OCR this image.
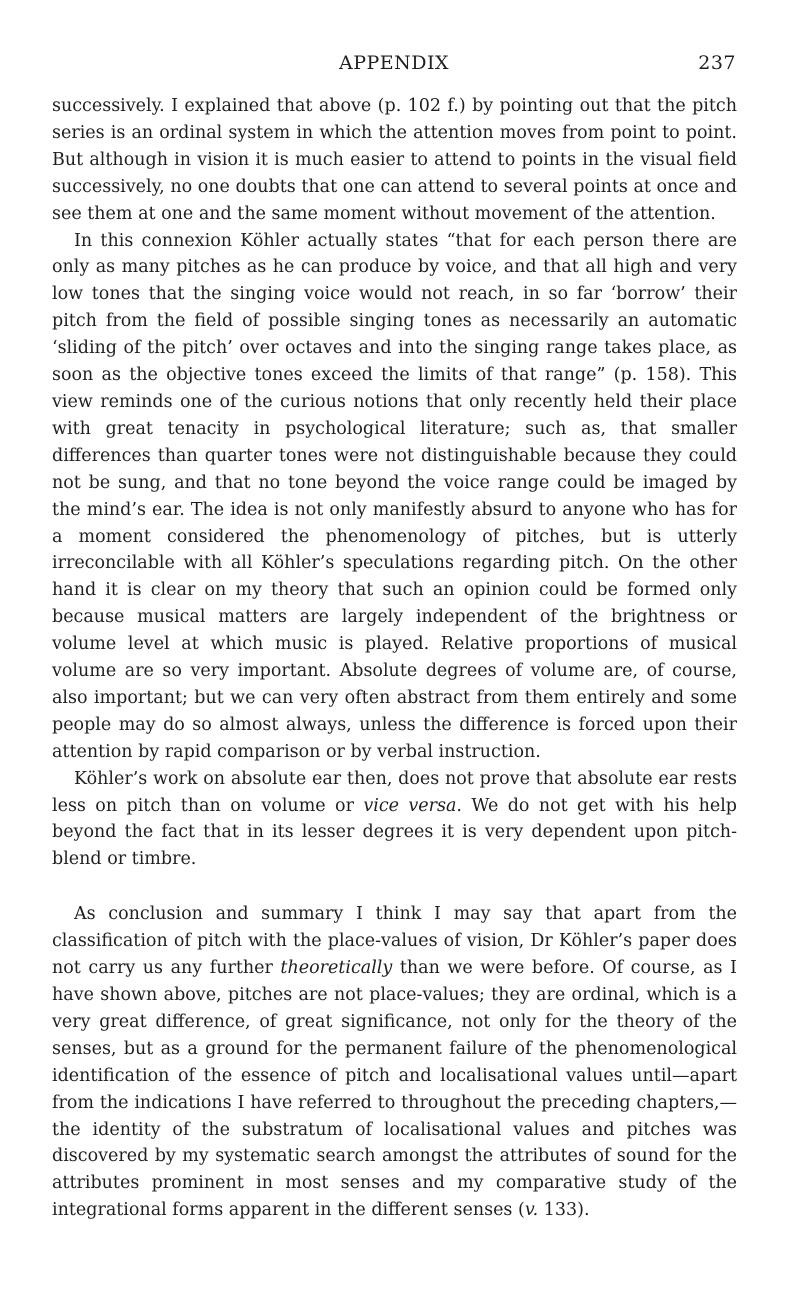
APPENDIX	237

successively. I explained that above (p. 102 f.) by pointing out that the pitch series is an ordinal system in which the attention moves from point to point. But although in vision it is much easier to attend to points in the visual field successively, no one doubts that one can attend to several points at once and see them at one and the same moment without movement of the attention.

In this connexion Köhler actually states “that for each person there are only as many pitches as he can produce by voice, and that all high and very low tones that the singing voice would not reach, in so far ‘borrow’ their pitch from the field of possible singing tones as necessarily an automatic ‘sliding of the pitch’ over octaves and into the singing range takes place, as soon as the objective tones exceed the limits of that range” (p. 158). This view reminds one of the curious notions that only recently held their place with great tenacity in psychological literature; such as, that smaller differences than quarter tones were not distinguishable because they could not be sung, and that no tone beyond the voice range could be imaged by the mind’s ear. The idea is not only manifestly absurd to anyone who has for a moment considered the phenomenology of pitches, but is utterly irreconcilable with all Köhler’s speculations regarding pitch. On the other hand it is clear on my theory that such an opinion could be formed only because musical matters are largely independent of the brightness or volume level at which music is played. Relative proportions of musical volume are so very important. Absolute degrees of volume are, of course, also important; but we can very often abstract from them entirely and some people may do so almost always, unless the difference is forced upon their attention by rapid comparison or by verbal instruction.

Köhler’s work on absolute ear then, does not prove that absolute ear rests less on pitch than on volume or vice versa. We do not get with his help beyond the fact that in its lesser degrees it is very dependent upon pitch-blend or timbre.

As conclusion and summary I think I may say that apart from the classification of pitch with the place-values of vision, Dr Köhler’s paper does not carry us any further theoretically than we were before. Of course, as I have shown above, pitches are not place-values; they are ordinal, which is a very great difference, of great significance, not only for the theory of the senses, but as a ground for the permanent failure of the phenomenological identification of the essence of pitch and localisational values until—apart from the indications I have referred to throughout the preceding chapters,—the identity of the substratum of localisational values and pitches was discovered by my systematic search amongst the attributes of sound for the attributes prominent in most senses and my comparative study of the integrational forms apparent in the different senses (v. 133).
